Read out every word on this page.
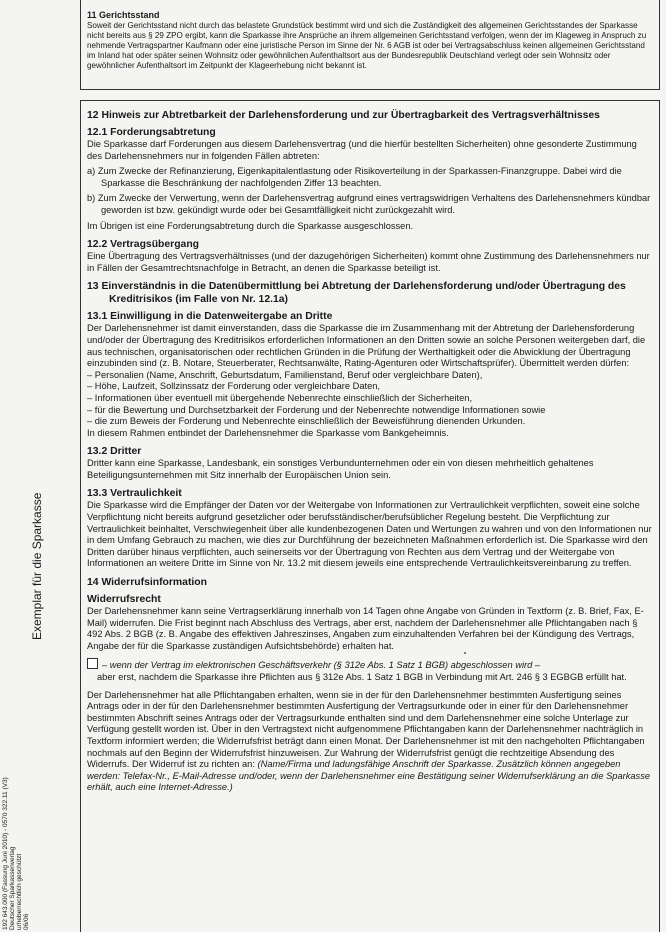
Exemplar für die Sparkasse
192 643.000 (Fassung Juni 2010) - 0570 322.11 (V3) Deutscher Sparkassenverlag urheberrechtlich geschützt 06/06
11 Gerichtsstand

Soweit der Gerichtsstand nicht durch das belastete Grundstück bestimmt wird und sich die Zuständigkeit des allgemeinen Gerichtsstandes der Sparkasse nicht bereits aus § 29 ZPO ergibt, kann die Sparkasse ihre Ansprüche an ihrem allgemeinen Gerichtsstand verfolgen, wenn der im Klageweg in Anspruch zu nehmende Vertragspartner Kaufmann oder eine juristische Person im Sinne der Nr. 6 AGB ist oder bei Vertragsabschluss keinen allgemeinen Gerichtsstand im Inland hat oder später seinen Wohnsitz oder gewöhnlichen Aufenthaltsort aus der Bundesrepublik Deutschland verlegt oder sein Wohnsitz oder gewöhnlicher Aufenthaltsort im Zeitpunkt der Klageerhebung nicht bekannt ist.

12 Hinweis zur Abtretbarkeit der Darlehensforderung und zur Übertragbarkeit des Vertragsverhältnisses
12.1 Forderungsabtretung

Die Sparkasse darf Forderungen aus diesem Darlehensvertrag (und die hierfür bestellten Sicherheiten) ohne gesonderte Zustimmung des Darlehensnehmers nur in folgenden Fällen abtreten:

a) Zum Zwecke der Refinanzierung, Eigenkapitalentlastung oder Risikoverteilung in der Sparkassen-Finanzgruppe. Dabei wird die Sparkasse die Beschränkung der nachfolgenden Ziffer 13 beachten.

b) Zum Zwecke der Verwertung, wenn der Darlehensvertrag aufgrund eines vertragswidrigen Verhaltens des Darlehensnehmers kündbar geworden ist bzw. gekündigt wurde oder bei Gesamtfälligkeit nicht zurückgezahlt wird.

Im Übrigen ist eine Forderungsabtretung durch die Sparkasse ausgeschlossen.

12.2 Vertragsübergang

Eine Übertragung des Vertragsverhältnisses (und der dazugehörigen Sicherheiten) kommt ohne Zustimmung des Darlehensnehmers nur in Fällen der Gesamtrechtsnachfolge in Betracht, an denen die Sparkasse beteiligt ist.

13 Einverständnis in die Datenübermittlung bei Abtretung der Darlehensforderung und/oder Übertragung des Kreditrisikos (im Falle von Nr. 12.1a)
13.1 Einwilligung in die Datenweitergabe an Dritte

Der Darlehensnehmer ist damit einverstanden, dass die Sparkasse die im Zusammenhang mit der Abtretung der Darlehensforderung und/oder der Übertragung des Kreditrisikos erforderlichen Informationen an den Dritten sowie an solche Personen weitergeben darf, die aus technischen, organisatorischen oder rechtlichen Gründen in die Prüfung der Werthaltigkeit oder die Abwicklung der Übertragung einzubinden sind (z. B. Notare, Steuerberater, Rechtsanwälte, Rating-Agenturen oder Wirtschaftsprüfer). Übermittelt werden dürfen:

– Personalien (Name, Anschrift, Geburtsdatum, Familienstand, Beruf oder vergleichbare Daten),
– Höhe, Laufzeit, Sollzinssatz der Forderung oder vergleichbare Daten,
– Informationen über eventuell mit übergehende Nebenrechte einschließlich der Sicherheiten,
– für die Bewertung und Durchsetzbarkeit der Forderung und der Nebenrechte notwendige Informationen sowie
– die zum Beweis der Forderung und Nebenrechte einschließlich der Beweisführung dienenden Urkunden.

In diesem Rahmen entbindet der Darlehensnehmer die Sparkasse vom Bankgeheimnis.

13.2 Dritter

Dritter kann eine Sparkasse, Landesbank, ein sonstiges Verbundunternehmen oder ein von diesen mehrheitlich gehaltenes Beteiligungsunternehmen mit Sitz innerhalb der Europäischen Union sein.

13.3 Vertraulichkeit

Die Sparkasse wird die Empfänger der Daten vor der Weitergabe von Informationen zur Vertraulichkeit verpflichten, soweit eine solche Verpflichtung nicht bereits aufgrund gesetzlicher oder berufsständischer/berufsüblicher Regelung besteht. Die Verpflichtung zur Vertraulichkeit beinhaltet, Verschwiegenheit über alle kundenbezogenen Daten und Wertungen zu wahren und von den Informationen nur in dem Umfang Gebrauch zu machen, wie dies zur Durchführung der bezeichneten Maßnahmen erforderlich ist. Die Sparkasse wird den Dritten darüber hinaus verpflichten, auch seinerseits vor der Übertragung von Rechten aus dem Vertrag und der Weitergabe von Informationen an weitere Dritte im Sinne von Nr. 13.2 mit diesem jeweils eine entsprechende Vertraulichkeitsvereinbarung zu treffen.

14 Widerrufsinformation
Widerrufsrecht

Der Darlehensnehmer kann seine Vertragserklärung innerhalb von 14 Tagen ohne Angabe von Gründen in Textform (z. B. Brief, Fax, E-Mail) widerrufen. Die Frist beginnt nach Abschluss des Vertrags, aber erst, nachdem der Darlehensnehmer alle Pflichtangaben nach § 492 Abs. 2 BGB (z. B. Angabe des effektiven Jahreszinses, Angaben zum einzuhaltenden Verfahren bei der Kündigung des Vertrags, Angabe der für die Sparkasse zuständigen Aufsichtsbehörde) erhalten hat.

– wenn der Vertrag im elektronischen Geschäftsverkehr (§ 312e Abs. 1 Satz 1 BGB) abgeschlossen wird –

aber erst, nachdem die Sparkasse ihre Pflichten aus § 312e Abs. 1 Satz 1 BGB in Verbindung mit Art. 246 § 3 EGBGB erfüllt hat.

Der Darlehensnehmer hat alle Pflichtangaben erhalten, wenn sie in der für den Darlehensnehmer bestimmten Ausfertigung seines Antrags oder in der für den Darlehensnehmer bestimmten Ausfertigung der Vertragsurkunde oder in einer für den Darlehensnehmer bestimmten Abschrift seines Antrags oder der Vertragsurkunde enthalten sind und dem Darlehensnehmer eine solche Unterlage zur Verfügung gestellt worden ist. Über in den Vertragstext nicht aufgenommene Pflichtangaben kann der Darlehensnehmer nachträglich in Textform informiert werden; die Widerrufsfrist beträgt dann einen Monat. Der Darlehensnehmer ist mit den nachgeholten Pflichtangaben nochmals auf den Beginn der Widerrufsfrist hinzuweisen. Zur Wahrung der Widerrufsfrist genügt die rechtzeitige Absendung des Widerrufs. Der Widerruf ist zu richten an: (Name/Firma und ladungsfähige Anschrift der Sparkasse. Zusätzlich können angegeben werden: Telefax-Nr., E-Mail-Adresse und/oder, wenn der Darlehensnehmer eine Bestätigung seiner Widerrufserklärung an die Sparkasse erhält, auch eine Internet-Adresse.)
